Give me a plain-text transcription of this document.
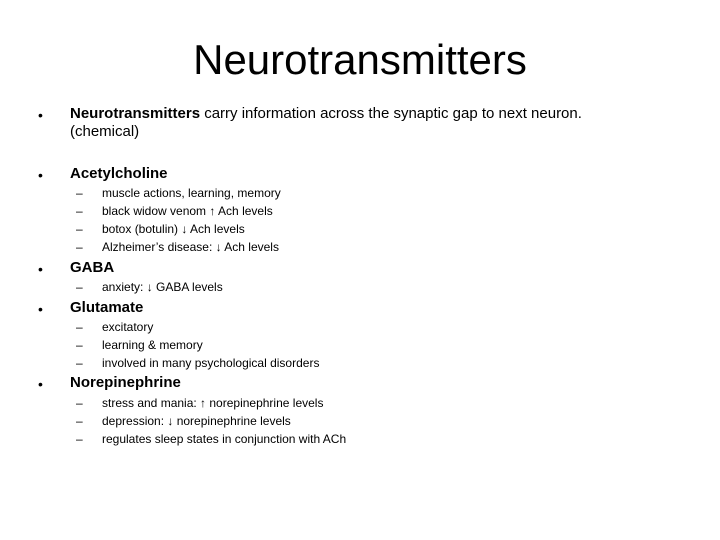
Neurotransmitters
• Neurotransmitters carry information across the synaptic gap to next neuron.
(chemical)
• Acetylcholine
–	muscle actions, learning, memory
–	black widow venom ↑ Ach levels
–	botox (botulin) ↓ Ach levels
–	Alzheimer’s disease: ↓ Ach levels
• GABA
–	anxiety: ↓ GABA levels
• Glutamate
–	excitatory
–	learning & memory
–	involved in many psychological disorders
• Norepinephrine
–	stress and mania: ↑ norepinephrine levels
–	depression: ↓ norepinephrine levels
–	regulates sleep states in conjunction with ACh
